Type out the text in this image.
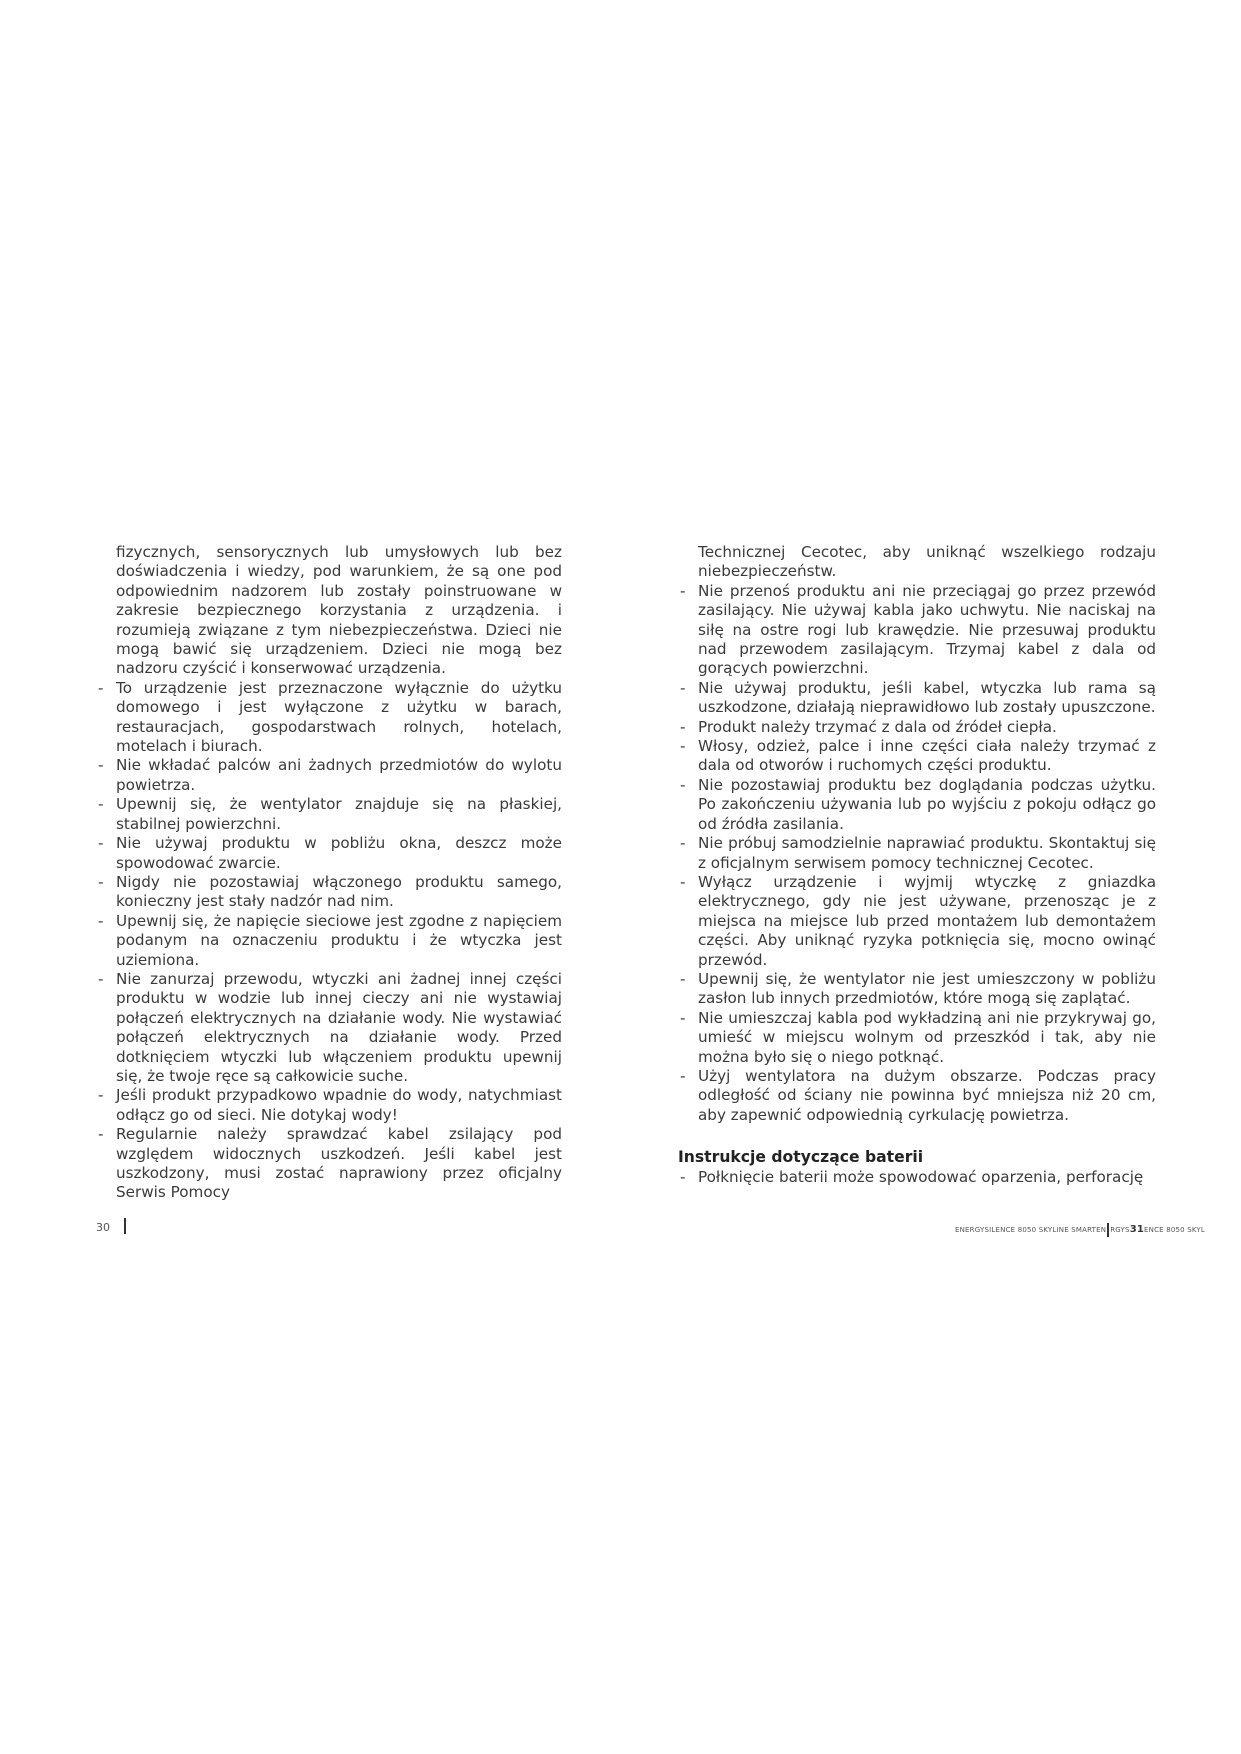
fizycznych, sensorycznych lub umysłowych lub bez doświadczenia i wiedzy, pod warunkiem, że są one pod odpowiednim nadzorem lub zostały poinstruowane w zakresie bezpiecznego korzystania z urządzenia. i rozumieją związane z tym niebezpieczeństwa. Dzieci nie mogą bawić się urządzeniem. Dzieci nie mogą bez nadzoru czyścić i konserwować urządzenia.

- To urządzenie jest przeznaczone wyłącznie do użytku domowego i jest wyłączone z użytku w barach, restauracjach, gospodarstwach rolnych, hotelach, motelach i biurach.

- Nie wkładać palców ani żadnych przedmiotów do wylotu powietrza.

- Upewnij się, że wentylator znajduje się na płaskiej, stabilnej powierzchni.

- Nie używaj produktu w pobliżu okna, deszcz może spowodować zwarcie.

- Nigdy nie pozostawiaj włączonego produktu samego, konieczny jest stały nadzór nad nim.

- Upewnij się, że napięcie sieciowe jest zgodne z napięciem podanym na oznaczeniu produktu i że wtyczka jest uziemiona.

- Nie zanurzaj przewodu, wtyczki ani żadnej innej części produktu w wodzie lub innej cieczy ani nie wystawiaj połączeń elektrycznych na działanie wody. Nie wystawiać połączeń elektrycznych na działanie wody. Przed dotknięciem wtyczki lub włączeniem produktu upewnij się, że twoje ręce są całkowicie suche.

- Jeśli produkt przypadkowo wpadnie do wody, natychmiast odłącz go od sieci. Nie dotykaj wody!

- Regularnie należy sprawdzać kabel zsilający pod względem widocznych uszkodzeń. Jeśli kabel jest uszkodzony, musi zostać naprawiony przez oficjalny Serwis Pomocy

Technicznej Cecotec, aby uniknąć wszelkiego rodzaju niebezpieczeństw.

- Nie przenoś produktu ani nie przeciągaj go przez przewód zasilający. Nie używaj kabla jako uchwytu. Nie naciskaj na siłę na ostre rogi lub krawędzie. Nie przesuwaj produktu nad przewodem zasilającym. Trzymaj kabel z dala od gorących powierzchni.

- Nie używaj produktu, jeśli kabel, wtyczka lub rama są uszkodzone, działają nieprawidłowo lub zostały upuszczone.

- Produkt należy trzymać z dala od źródeł ciepła.

- Włosy, odzież, palce i inne części ciała należy trzymać z dala od otworów i ruchomych części produktu.

- Nie pozostawiaj produktu bez doglądania podczas użytku. Po zakończeniu używania lub po wyjściu z pokoju odłącz go od źródła zasilania.

- Nie próbuj samodzielnie naprawiać produktu. Skontaktuj się z oficjalnym serwisem pomocy technicznej Cecotec.

- Wyłącz urządzenie i wyjmij wtyczkę z gniazdka elektrycznego, gdy nie jest używane, przenosząc je z miejsca na miejsce lub przed montażem lub demontażem części. Aby uniknąć ryzyka potknięcia się, mocno owinąć przewód.

- Upewnij się, że wentylator nie jest umieszczony w pobliżu zasłon lub innych przedmiotów, które mogą się zaplątać.

- Nie umieszczaj kabla pod wykładziną ani nie przykrywaj go, umieść w miejscu wolnym od przeszkód i tak, aby nie można było się o niego potknąć.

- Użyj wentylatora na dużym obszarze. Podczas pracy odległość od ściany nie powinna być mniejsza niż 20 cm, aby zapewnić odpowiednią cyrkulację powietrza.

Instrukcje dotyczące baterii

- Połknięcie baterii może spowodować oparzenia, perforację

30	ENERGYSILENCE 8050 SKYLINE SMARTEN RGYS31ENCE 8050 SKYL
